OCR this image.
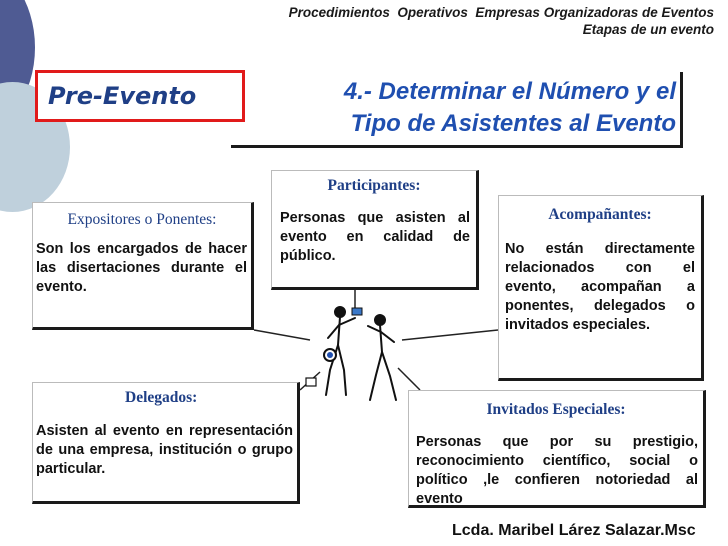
Procedimientos  Operativos  Empresas Organizadoras de Eventos
Etapas de un evento
Pre-Evento	4.- Determinar el Número y el
Tipo de Asistentes al Evento
Participantes:
Personas que asisten al evento en calidad de público.
Expositores o Ponentes:
Son los encargados de hacer las disertaciones durante el evento.
Acompañantes:
No están directamente relacionados con el evento, acompañan a ponentes, delegados o invitados especiales.
Delegados:
Asisten al evento en representación de una empresa, institución o grupo particular.
Invitados Especiales:
Personas que por su prestigio, reconocimiento científico, social o político ,le confieren notoriedad al evento
Lcda. Maribel Lárez Salazar.Msc
